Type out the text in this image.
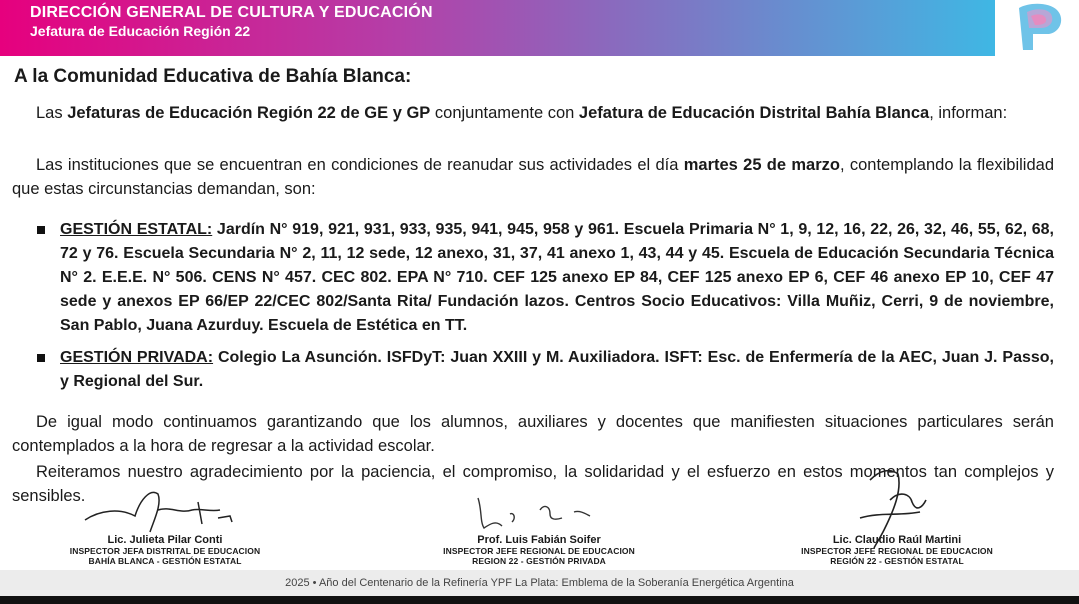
DIRECCIÓN GENERAL DE CULTURA Y EDUCACIÓN
Jefatura de Educación Región 22
A la Comunidad Educativa de Bahía Blanca:
Las Jefaturas de Educación Región 22 de GE y GP conjuntamente con Jefatura de Educación Distrital Bahía Blanca, informan:
Las instituciones que se encuentran en condiciones de reanudar sus actividades el día martes 25 de marzo, contemplando la flexibilidad que estas circunstancias demandan, son:
GESTIÓN ESTATAL: Jardín N° 919, 921, 931, 933, 935, 941, 945, 958 y 961. Escuela Primaria N° 1, 9, 12, 16, 22, 26, 32, 46, 55, 62, 68, 72 y 76. Escuela Secundaria N° 2, 11, 12 sede, 12 anexo, 31, 37, 41 anexo 1, 43, 44 y 45. Escuela de Educación Secundaria Técnica N° 2. E.E.E. N° 506. CENS N° 457. CEC 802. EPA N° 710. CEF 125 anexo EP 84, CEF 125 anexo EP 6, CEF 46 anexo EP 10, CEF 47 sede y anexos EP 66/EP 22/CEC 802/Santa Rita/ Fundación lazos. Centros Socio Educativos: Villa Muñiz, Cerri, 9 de noviembre, San Pablo, Juana Azurduy. Escuela de Estética en TT.
GESTIÓN PRIVADA: Colegio La Asunción. ISFDyT: Juan XXIII y M. Auxiliadora. ISFT: Esc. de Enfermería de la AEC, Juan J. Passo, y Regional del Sur.
De igual modo continuamos garantizando que los alumnos, auxiliares y docentes que manifiesten situaciones particulares serán contemplados a la hora de regresar a la actividad escolar.
Reiteramos nuestro agradecimiento por la paciencia, el compromiso, la solidaridad y el esfuerzo en estos momentos tan complejos y sensibles.
Lic. Julieta Pilar Conti
INSPECTOR JEFA DISTRITAL DE EDUCACION
BAHÍA BLANCA - GESTIÓN ESTATAL
Prof. Luis Fabián Soifer
INSPECTOR JEFE REGIONAL DE EDUCACION
REGION 22 - GESTIÓN PRIVADA
Lic. Claudio Raúl Martini
INSPECTOR JEFE REGIONAL DE EDUCACION
REGIÓN 22 - GESTIÓN ESTATAL
2025 • Año del Centenario de la Refinería YPF La Plata: Emblema de la Soberanía Energética Argentina
